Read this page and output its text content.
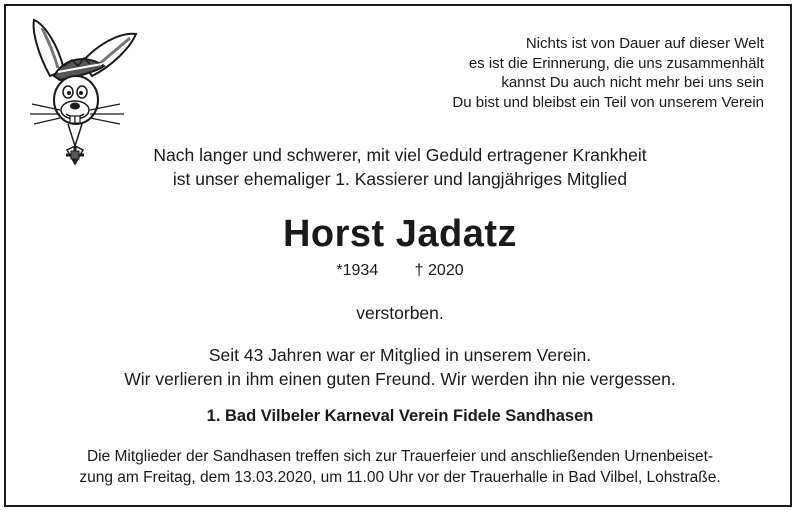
Nichts ist von Dauer auf dieser Welt
es ist die Erinnerung, die uns zusammenhält
kannst Du auch nicht mehr bei uns sein
Du bist und bleibst ein Teil von unserem Verein
Nach langer und schwerer, mit viel Geduld ertragener Krankheit
ist unser ehemaliger 1. Kassierer und langjähriges Mitglied
Horst Jadatz
*1934 † 2020
verstorben.
Seit 43 Jahren war er Mitglied in unserem Verein.
Wir verlieren in ihm einen guten Freund. Wir werden ihn nie vergessen.
1. Bad Vilbeler Karneval Verein Fidele Sandhasen
Die Mitglieder der Sandhasen treffen sich zur Trauerfeier und anschließenden Urnenbeiset-
zung am Freitag, dem 13.03.2020, um 11.00 Uhr vor der Trauerhalle in Bad Vilbel, Lohstraße.
